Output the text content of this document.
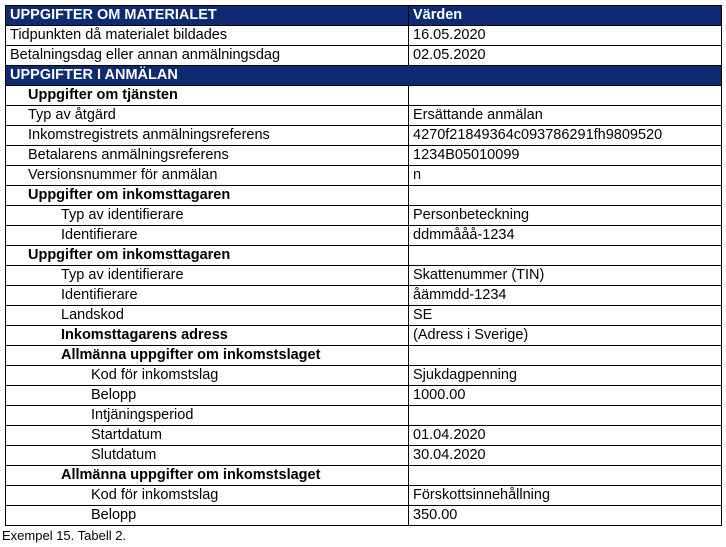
UPPGIFTER OM MATERIALET	Värden
Tidpunkten då materialet bildades	16.05.2020
Betalningsdag eller annan anmälningsdag	02.05.2020
UPPGIFTER I ANMÄLAN	
Uppgifter om tjänsten	
Typ av åtgärd	Ersättande anmälan
Inkomstregistrets anmälningsreferens	4270f21849364c093786291fh9809520
Betalarens anmälningsreferens	1234B05010099
Versionsnummer för anmälan	n
Uppgifter om inkomsttagaren	
Typ av identifierare	Personbeteckning
Identifierare	ddmmååå-1234
Uppgifter om inkomsttagaren	
Typ av identifierare	Skattenummer (TIN)
Identifierare	åämmdd-1234
Landskod	SE
Inkomsttagarens adress	(Adress i Sverige)
Allmänna uppgifter om inkomstslaget	
Kod för inkomstslag	Sjukdagpenning
Belopp	1000.00
Intjäningsperiod	
Startdatum	01.04.2020
Slutdatum	30.04.2020
Allmänna uppgifter om inkomstslaget	
Kod för inkomstslag	Förskottsinnehållning
Belopp	350.00
Exempel 15. Tabell 2.
